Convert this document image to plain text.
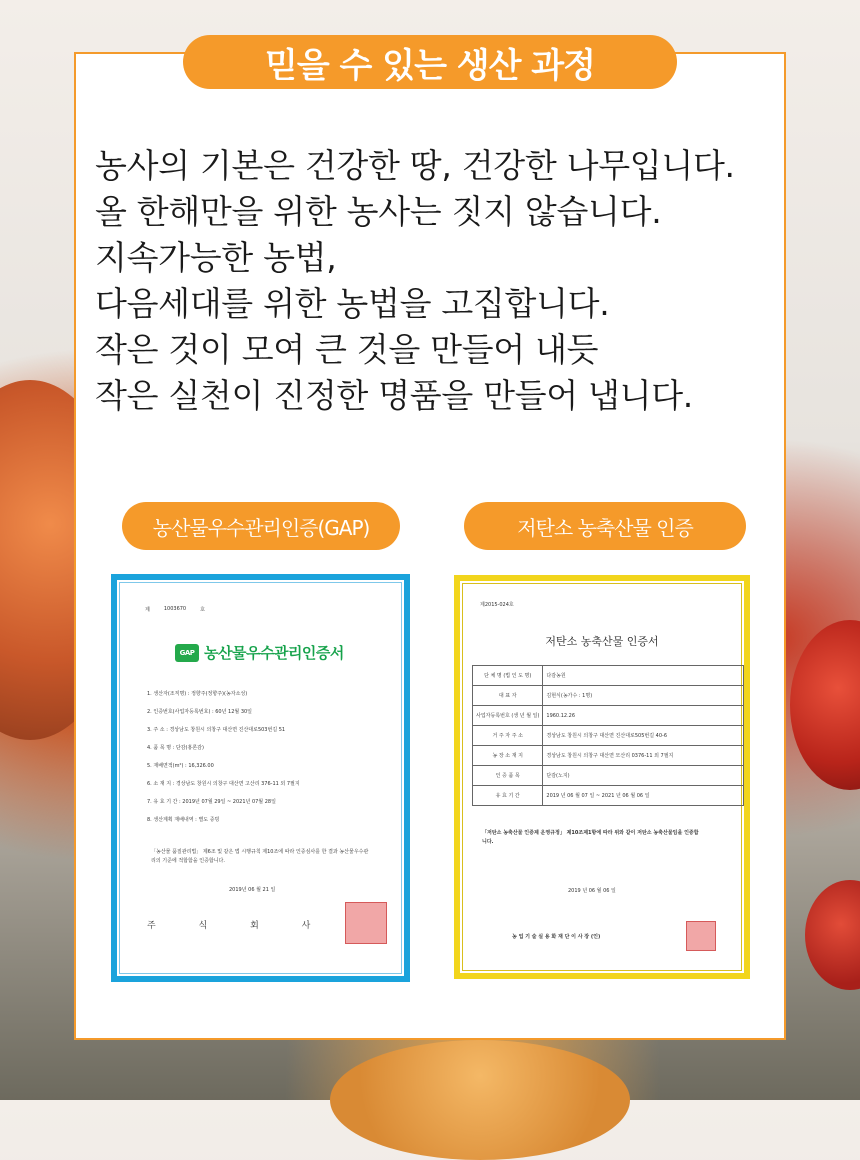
믿을 수 있는 생산 과정
농사의 기본은 건강한 땅, 건강한 나무입니다.
올 한해만을 위한 농사는 짓지 않습니다.
지속가능한 농법,
다음세대를 위한 농법을 고집합니다.
작은 것이 모여 큰 것을 만들어 내듯
작은 실천이 진정한 명품을 만들어 냅니다.
농산물우수관리인증(GAP)	저탄소 농축산물 인증
제	1003670	호
GAP 농산물우수관리인증서
1. 생산자(조직명) : 정향주(정향주)(농자소성)
2. 인증번호(사업자등록번호) : 60년 12월 30일
3. 주 소 : 경상남도 창원시 의창구 대산면 진산대로503번길 51
4. 품 목 명 : 단감(홍론감)
5. 재배면적(m²) : 16,326.00
6. 소 재 지 : 경상남도 창원시 의창구 대산면 고산리 376-11 외 7필지
7. 유 효 기 간 : 2019년 07월 29일 ~ 2021년 07월 28일
8. 생산계획 재배내역 : 별도 증빙
「농산물 품질관리법」 제6조 및 같은 법 시행규칙 제10조에 따라 인증심사를 한 결과 농산물우수관리의 기준에 적합함을 인증합니다.
2019년 06 월 21 일
주 식 회 사
제2015-024호
저탄소 농축산물 인증서
단 체 명 (법 인 도 명)	다감농원
대 표 자	김현식(농가수 : 1명)
사업자등록번호 (생 년 월 일)	1960.12.26
거 주 자 주 소	경상남도 창원시 의창구 대산면 진산대로505번길 40-6
농 장 소 재 지	경상남도 창원시 의창구 대산면 모산리 0376-11 외 7필지
인 증 품 목	단감(노지)
유 효 기 간	2019 년 06 월 07 일 ~ 2021 년 06 월 06 일
「저탄소 농축산물 인증제 운영규정」 제10조제1항에 따라 위와 같이 저탄소 농축산물임을 인증합니다.
2019 년 06 월 06 일
농 업 기 술 실 용 화 재 단 이 사 장 (인)
